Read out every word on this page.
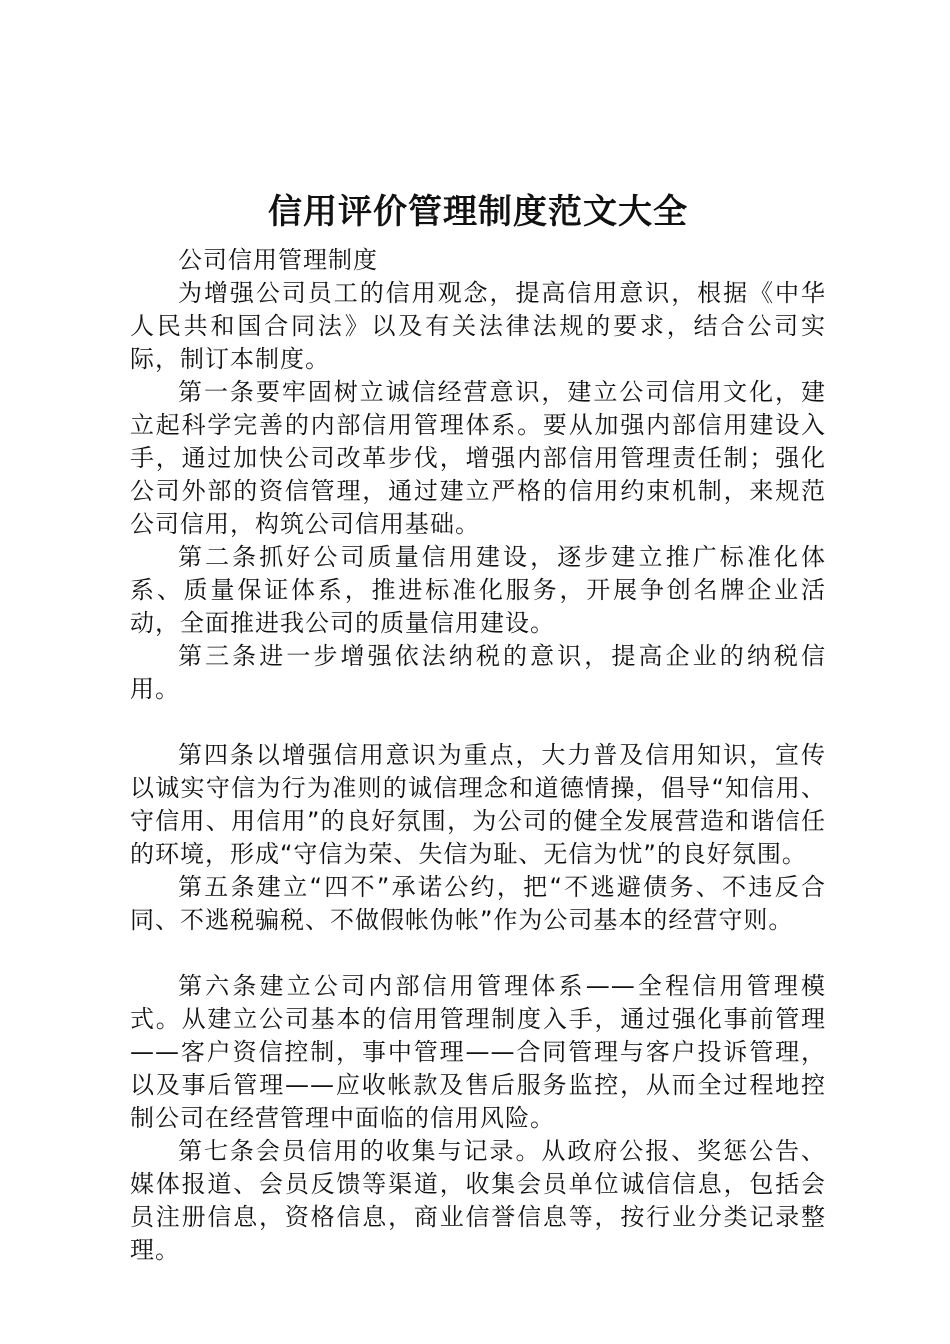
信用评价管理制度范文大全

公司信用管理制度

为增强公司员工的信用观念，提高信用意识，根据《中华人民共和国合同法》以及有关法律法规的要求，结合公司实际，制订本制度。

第一条要牢固树立诚信经营意识，建立公司信用文化，建立起科学完善的内部信用管理体系。要从加强内部信用建设入手，通过加快公司改革步伐，增强内部信用管理责任制；强化公司外部的资信管理，通过建立严格的信用约束机制，来规范公司信用，构筑公司信用基础。

第二条抓好公司质量信用建设，逐步建立推广标准化体系、质量保证体系，推进标准化服务，开展争创名牌企业活动，全面推进我公司的质量信用建设。

第三条进一步增强依法纳税的意识，提高企业的纳税信用。

第四条以增强信用意识为重点，大力普及信用知识，宣传以诚实守信为行为准则的诚信理念和道德情操，倡导“知信用、守信用、用信用”的良好氛围，为公司的健全发展营造和谐信任的环境，形成“守信为荣、失信为耻、无信为忧”的良好氛围。

第五条建立“四不”承诺公约，把“不逃避债务、不违反合同、不逃税骗税、不做假帐伪帐”作为公司基本的经营守则。

第六条建立公司内部信用管理体系——全程信用管理模式。从建立公司基本的信用管理制度入手，通过强化事前管理——客户资信控制，事中管理——合同管理与客户投诉管理，以及事后管理——应收帐款及售后服务监控，从而全过程地控制公司在经营管理中面临的信用风险。

第七条会员信用的收集与记录。从政府公报、奖惩公告、媒体报道、会员反馈等渠道，收集会员单位诚信信息，包括会员注册信息，资格信息，商业信誉信息等，按行业分类记录整理。
